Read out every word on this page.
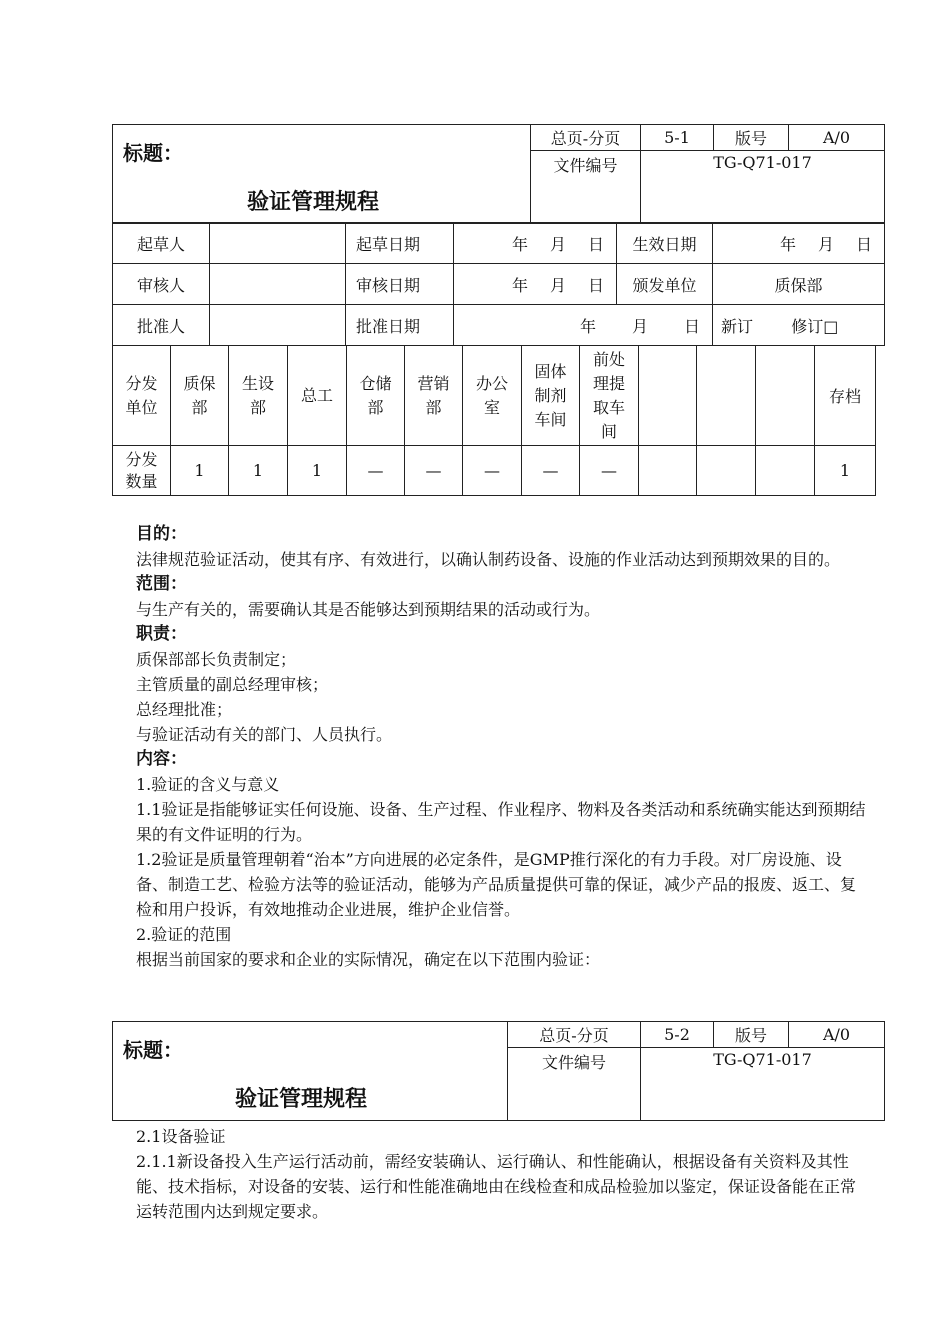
标题：
验证管理规程	总页-分页	5-1	版号	A/0
	文件编号	TG-Q71-017		
起草人		起草日期	年 月 日	生效日期	年 月 日

审核人		审核日期	年 月 日	颁发单位	质保部
批准人		批准日期	年 月 日		新订 修订□
分发单位	质保部	生设部	总工	仓储部	营销部	办公室	固体制剂车间	前处理提取车间				存档

分发数量	1	1	1	—	—	—	—	—				1

目的：

法律规范验证活动，使其有序、有效进行，以确认制药设备、设施的作业活动达到预期效果的目的。

范围：

与生产有关的，需要确认其是否能够达到预期结果的活动或行为。

职责：

质保部部长负责制定；

主管质量的副总经理审核；

总经理批准；

与验证活动有关的部门、人员执行。

内容：

1.验证的含义与意义

1.1验证是指能够证实任何设施、设备、生产过程、作业程序、物料及各类活动和系统确实能达到预期结果的有文件证明的行为。

1.2验证是质量管理朝着“治本”方向进展的必定条件，是GMP推行深化的有力手段。对厂房设施、设备、制造工艺、检验方法等的验证活动，能够为产品质量提供可靠的保证，减少产品的报废、返工、复检和用户投诉，有效地推动企业进展，维护企业信誉。

2.验证的范围

根据当前国家的要求和企业的实际情况，确定在以下范围内验证：

标题：
验证管理规程	总页-分页	5-2	版号	A/0
	文件编号	TG-Q71-017		

2.1设备验证

2.1.1新设备投入生产运行活动前，需经安装确认、运行确认、和性能确认，根据设备有关资料及其性能、技术指标，对设备的安装、运行和性能准确地由在线检查和成品检验加以鉴定，保证设备能在正常运转范围内达到规定要求。
